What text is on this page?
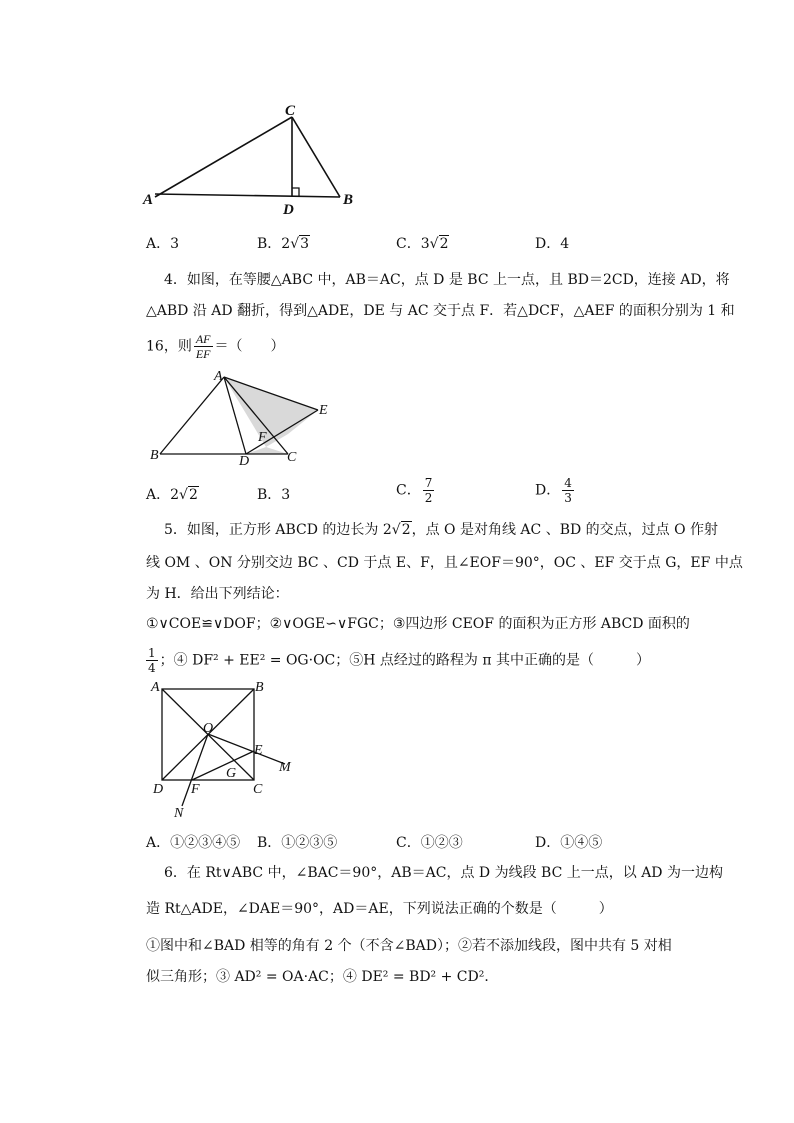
A	B
C
D
A．3	B．2√3	C．3√2	D．4
4．如图，在等腰△ABC 中，AB＝AC，点 D 是 BC 上一点，且 BD＝2CD，连接 AD，将
△ABD 沿 AD 翻折，得到△ADE，DE 与 AC 交于点 F．若△DCF，△AEF 的面积分别为 1 和
16，则 $\frac{AF}{EF}$ ＝（　　）
A
B	C
D
E
F
A．2√2	B．3	C． $\frac{7}{2}$	D． $\frac{4}{3}$
5．如图，正方形 ABCD 的边长为 2√2，点 O 是对角线 AC 、BD 的交点，过点 O 作射
线 OM 、ON 分别交边 BC 、CD 于点 E、F，且∠EOF＝90°，OC 、EF 交于点 G，EF 中点
为 H．给出下列结论：
①∨COE≌∨DOF；②∨OGE∽∨FGC；③四边形 CEOF 的面积为正方形 ABCD 面积的
$\frac{1}{4}$ ；④ DF² + EE² = OG·OC；⑤H 点经过的路程为 π 其中正确的是（　　　）
A	B
C
D
O
E
M
G
F
N
A．①②③④⑤ B．①②③⑤	C．①②③	D．①④⑤
6．在 Rt∨ABC 中，∠BAC＝90°，AB＝AC，点 D 为线段 BC 上一点，以 AD 为一边构
造 Rt△ADE，∠DAE＝90°，AD＝AE，下列说法正确的个数是（　　　）
①图中和∠BAD 相等的角有 2 个（不含∠BAD）；②若不添加线段，图中共有 5 对相
似三角形；③ AD² = OA·AC；④ DE² = BD² + CD²．
